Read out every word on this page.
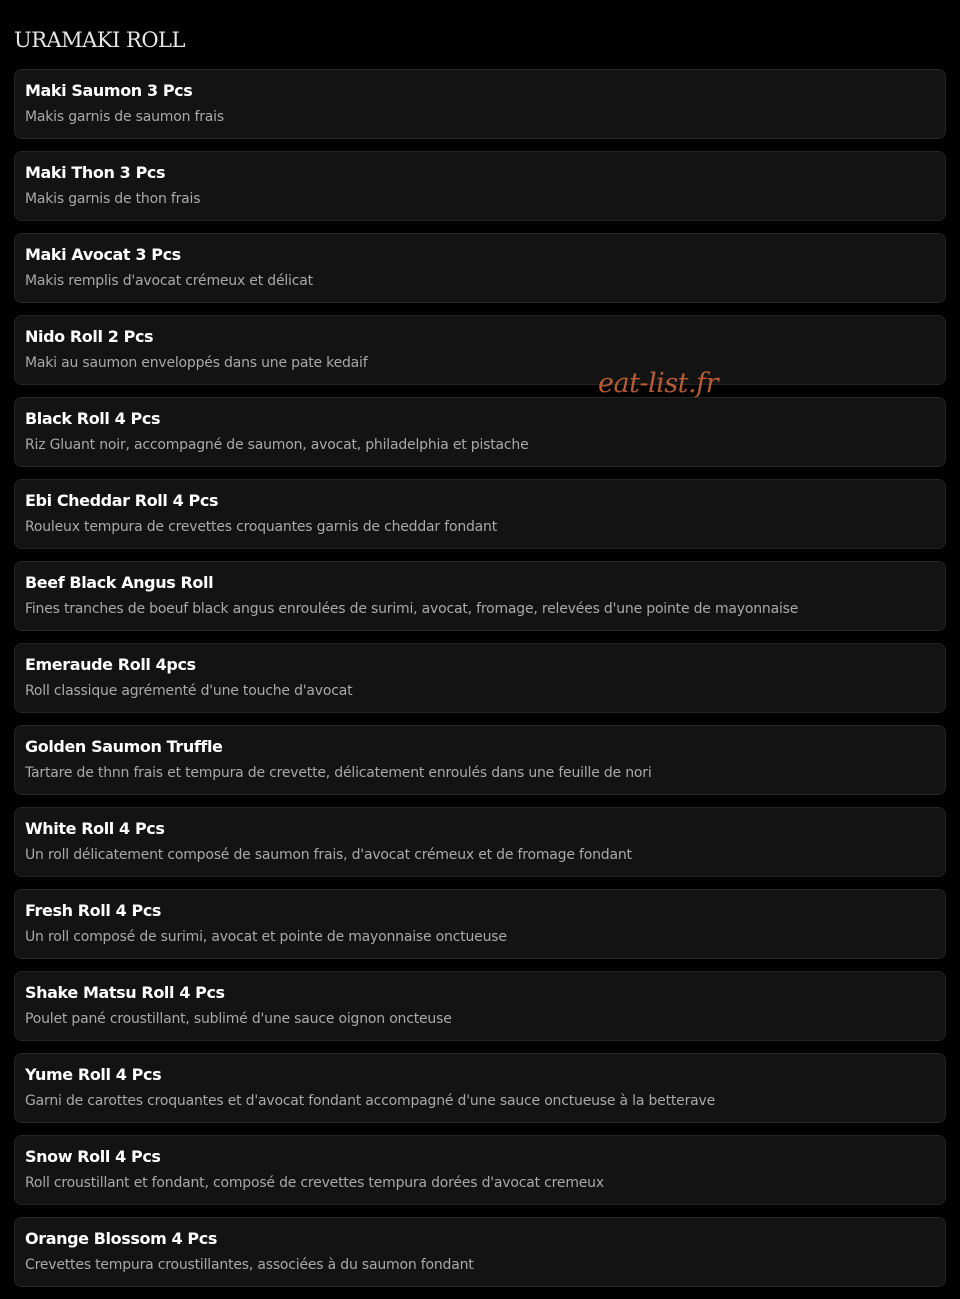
URAMAKI ROLL
Maki Saumon 3 Pcs
Makis garnis de saumon frais
Maki Thon 3 Pcs
Makis garnis de thon frais
Maki Avocat 3 Pcs
Makis remplis d'avocat crémeux et délicat
Nido Roll 2 Pcs
Maki au saumon enveloppés dans une pate kedaif
Black Roll 4 Pcs
Riz Gluant noir, accompagné de saumon, avocat, philadelphia et pistache
Ebi Cheddar Roll 4 Pcs
Rouleux tempura de crevettes croquantes garnis de cheddar fondant
Beef Black Angus Roll
Fines tranches de boeuf black angus enroulées de surimi, avocat, fromage, relevées d'une pointe de mayonnaise
Emeraude Roll 4pcs
Roll classique agrémenté d'une touche d'avocat
Golden Saumon Truffle
Tartare de thnn frais et tempura de crevette, délicatement enroulés dans une feuille de nori
White Roll 4 Pcs
Un roll délicatement composé de saumon frais, d'avocat crémeux et de fromage fondant
Fresh Roll 4 Pcs
Un roll composé de surimi, avocat et pointe de mayonnaise onctueuse
Shake Matsu Roll 4 Pcs
Poulet pané croustillant, sublimé d'une sauce oignon oncteuse
Yume Roll 4 Pcs
Garni de carottes croquantes et d'avocat fondant accompagné d'une sauce onctueuse à la betterave
Snow Roll 4 Pcs
Roll croustillant et fondant, composé de crevettes tempura dorées d'avocat cremeux
Orange Blossom 4 Pcs
Crevettes tempura croustillantes, associées à du saumon fondant
eat-list.fr
